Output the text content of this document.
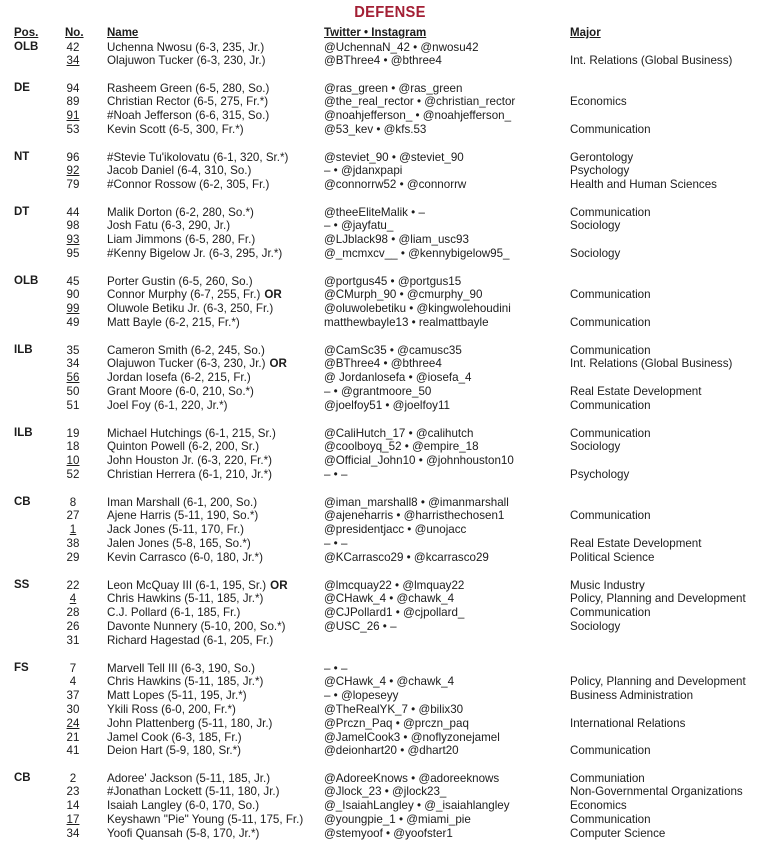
DEFENSE
Pos. No. Name	Twitter • Instagram	Major
OLB	42	Uchenna Nwosu (6-3, 235, Jr.)	@UchennaN_42 • @nwosu42
34	Olajuwon Tucker (6-3, 230, Jr.)	@BThree4 • @bthree4	Int. Relations (Global Business)
DE	94	Rasheem Green (6-5, 280, So.)	@ras_green • @ras_green
89	Christian Rector (6-5, 275, Fr.*)	@the_real_rector • @christian_rector	Economics
91	#Noah Jefferson (6-6, 315, So.)	@noahjefferson_ • @noahjefferson_
53	Kevin Scott (6-5, 300, Fr.*)	@53_kev • @kfs.53	Communication
NT	96	#Stevie Tu'ikolovatu (6-1, 320, Sr.*)	@steviet_90 • @steviet_90	Gerontology
92	Jacob Daniel (6-4, 310, So.)	– • @jdanxpapi	Psychology
79	#Connor Rossow (6-2, 305, Fr.)	@connorrw52 • @connorrw	Health and Human Sciences
DT	44	Malik Dorton (6-2, 280, So.*)	@theeEliteMalik • –	Communication
98	Josh Fatu (6-3, 290, Jr.)	– • @jayfatu_	Sociology
93	Liam Jimmons (6-5, 280, Fr.)	@LJblack98 • @liam_usc93
95	#Kenny Bigelow Jr. (6-3, 295, Jr.*)	@_mcmxcv__ • @kennybigelow95_	Sociology
OLB	45	Porter Gustin (6-5, 260, So.)	@portgus45 • @portgus15
90	Connor Murphy (6-7, 255, Fr.) OR	@CMurph_90 • @cmurphy_90	Communication
99	Oluwole Betiku Jr. (6-3, 250, Fr.)	@oluwolebetiku • @kingwolehoudini
49	Matt Bayle (6-2, 215, Fr.*)	matthewbayle13 • realmattbayle	Communication
ILB	35	Cameron Smith (6-2, 245, So.)	@CamSc35 • @camusc35	Communication
34	Olajuwon Tucker (6-3, 230, Jr.) OR	@BThree4 • @bthree4	Int. Relations (Global Business)
56	Jordan Iosefa (6-2, 215, Fr.)	@ Jordanlosefa • @iosefa_4
50	Grant Moore (6-0, 210, So.*)	– • @grantmoore_50	Real Estate Development
51	Joel Foy (6-1, 220, Jr.*)	@joelfoy51 • @joelfoy11	Communication
ILB	19	Michael Hutchings (6-1, 215, Sr.)	@CaliHutch_17 • @calihutch	Communication
18	Quinton Powell (6-2, 200, Sr.)	@coolboyq_52 • @empire_18	Sociology
10	John Houston Jr. (6-3, 220, Fr.*)	@Official_John10 • @johnhouston10
52	Christian Herrera (6-1, 210, Jr.*)	– • –	Psychology
CB	8	Iman Marshall (6-1, 200, So.)	@iman_marshall8 • @imanmarshall
27	Ajene Harris (5-11, 190, So.*)	@ajeneharris • @harristhechosen1	Communication
1	Jack Jones (5-11, 170, Fr.)	@presidentjacc • @unojacc
38	Jalen Jones (5-8, 165, So.*)	– • –	Real Estate Development
29	Kevin Carrasco (6-0, 180, Jr.*)	@KCarrasco29 • @kcarrasco29	Political Science
SS	22	Leon McQuay III (6-1, 195, Sr.) OR	@lmcquay22 • @lmquay22	Music Industry
4	Chris Hawkins (5-11, 185, Jr.*)	@CHawk_4 • @chawk_4	Policy, Planning and Development
28	C.J. Pollard (6-1, 185, Fr.)	@CJPollard1 • @cjpollard_	Communication
26	Davonte Nunnery (5-10, 200, So.*)	@USC_26 • –	Sociology
31	Richard Hagestad (6-1, 205, Fr.)
FS	7	Marvell Tell III (6-3, 190, So.)	– • –
4	Chris Hawkins (5-11, 185, Jr.*)	@CHawk_4 • @chawk_4	Policy, Planning and Development
37	Matt Lopes (5-11, 195, Jr.*)	– • @lopeseyy	Business Administration
30	Ykili Ross (6-0, 200, Fr.*)	@TheRealYK_7 • @bilix30
24	John Plattenberg (5-11, 180, Jr.)	@Prczn_Paq • @prczn_paq	International Relations
21	Jamel Cook (6-3, 185, Fr.)	@JamelCook3 • @noflyzonejamel
41	Deion Hart (5-9, 180, Sr.*)	@deionhart20 • @dhart20	Communication
CB	2	Adoree' Jackson (5-11, 185, Jr.)	@AdoreeKnows • @adoreeknows	Communiation
23	#Jonathan Lockett (5-11, 180, Jr.)	@Jlock_23 • @jlock23_	Non-Governmental Organizations
14	Isaiah Langley (6-0, 170, So.)	@_IsaiahLangley • @_isaiahlangley	Economics
17	Keyshawn "Pie" Young (5-11, 175, Fr.) @youngpie_1 • @miami_pie	Communication
34	Yoofi Quansah (5-8, 170, Jr.*)	@stemyoof • @yoofster1	Computer Science
